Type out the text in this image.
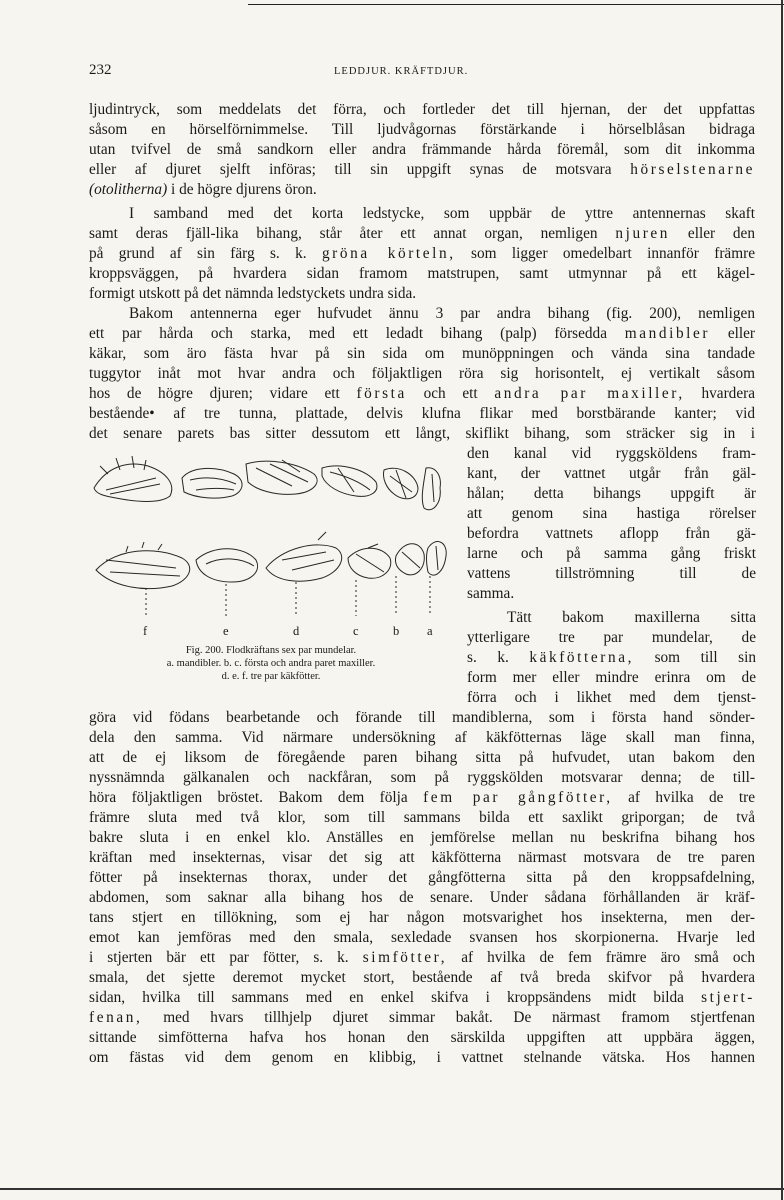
232	LEDDJUR. KRÄFTDJUR.
ljudintryck, som meddelats det förra, och fortleder det till hjernan, der det uppfattas
såsom en hörselförnimmelse. Till ljudvågornas förstärkande i hörselblåsan bidraga
utan tvifvel de små sandkorn eller andra främmande hårda föremål, som dit inkomma
eller af djuret sjelft införas; till sin uppgift synas de motsvara hörselstenarne
(otolitherna) i de högre djurens öron.
I samband med det korta ledstycke, som uppbär de yttre antennernas skaft
samt deras fjäll-lika bihang, står åter ett annat organ, nemligen njuren eller den
på grund af sin färg s. k. gröna körteln, som ligger omedelbart innanför främre
kroppsväggen, på hvardera sidan framom matstrupen, samt utmynnar på ett kägel-
formigt utskott på det nämnda ledstyckets undra sida.
Bakom antennerna eger hufvudet ännu 3 par andra bihang (fig. 200), nemligen
ett par hårda och starka, med ett ledadt bihang (palp) försedda mandibler eller
käkar, som äro fästa hvar på sin sida om munöppningen och vända sina tandade
tuggytor inåt mot hvar andra och följaktligen röra sig horisontelt, ej vertikalt såsom
hos de högre djuren; vidare ett första och ett andra par maxiller, hvardera
bestående• af tre tunna, plattade, delvis klufna flikar med borstbärande kanter; vid
det senare parets bas sitter dessutom ett långt, skiflikt bihang, som sträcker sig in i
den kanal vid ryggsköldens fram-
kant, der vattnet utgår från gäl-
hålan; detta bihangs uppgift är
att genom sina hastiga rörelser
befordra vattnets aflopp från gä-
larne och på samma gång friskt
vattens tillströmning till de
samma.
Tätt bakom maxillerna sitta
ytterligare tre par mundelar, de
s. k. käkfötterna, som till sin
form mer eller mindre erinra om de
förra och i likhet med dem tjenst-
f	e	d	c	b a
Fig. 200. Flodkräftans sex par mundelar.
a. mandibler. b. c. första och andra paret maxiller.
d. e. f. tre par käkfötter.
göra vid födans bearbetande och förande till mandiblerna, som i första hand sönder-
dela den samma. Vid närmare undersökning af käkfötternas läge skall man finna,
att de ej liksom de föregående paren bihang sitta på hufvudet, utan bakom den
nyssnämnda gälkanalen och nackfåran, som på ryggskölden motsvarar denna; de till-
höra följaktligen bröstet. Bakom dem följa fem par gångfötter, af hvilka de tre
främre sluta med två klor, som till sammans bilda ett saxlikt griporgan; de två
bakre sluta i en enkel klo. Anställes en jemförelse mellan nu beskrifna bihang hos
kräftan med insekternas, visar det sig att käkfötterna närmast motsvara de tre paren
fötter på insekternas thorax, under det gångfötterna sitta på den kroppsafdelning,
abdomen, som saknar alla bihang hos de senare. Under sådana förhållanden är kräf-
tans stjert en tillökning, som ej har någon motsvarighet hos insekterna, men der-
emot kan jemföras med den smala, sexledade svansen hos skorpionerna. Hvarje led
i stjerten bär ett par fötter, s. k. simfötter, af hvilka de fem främre äro små och
smala, det sjette deremot mycket stort, bestående af två breda skifvor på hvardera
sidan, hvilka till sammans med en enkel skifva i kroppsändens midt bilda stjert-
fenan, med hvars tillhjelp djuret simmar bakåt. De närmast framom stjertfenan
sittande simfötterna hafva hos honan den särskilda uppgiften att uppbära äggen,
om fästas vid dem genom en klibbig, i vattnet stelnande vätska. Hos hannen
